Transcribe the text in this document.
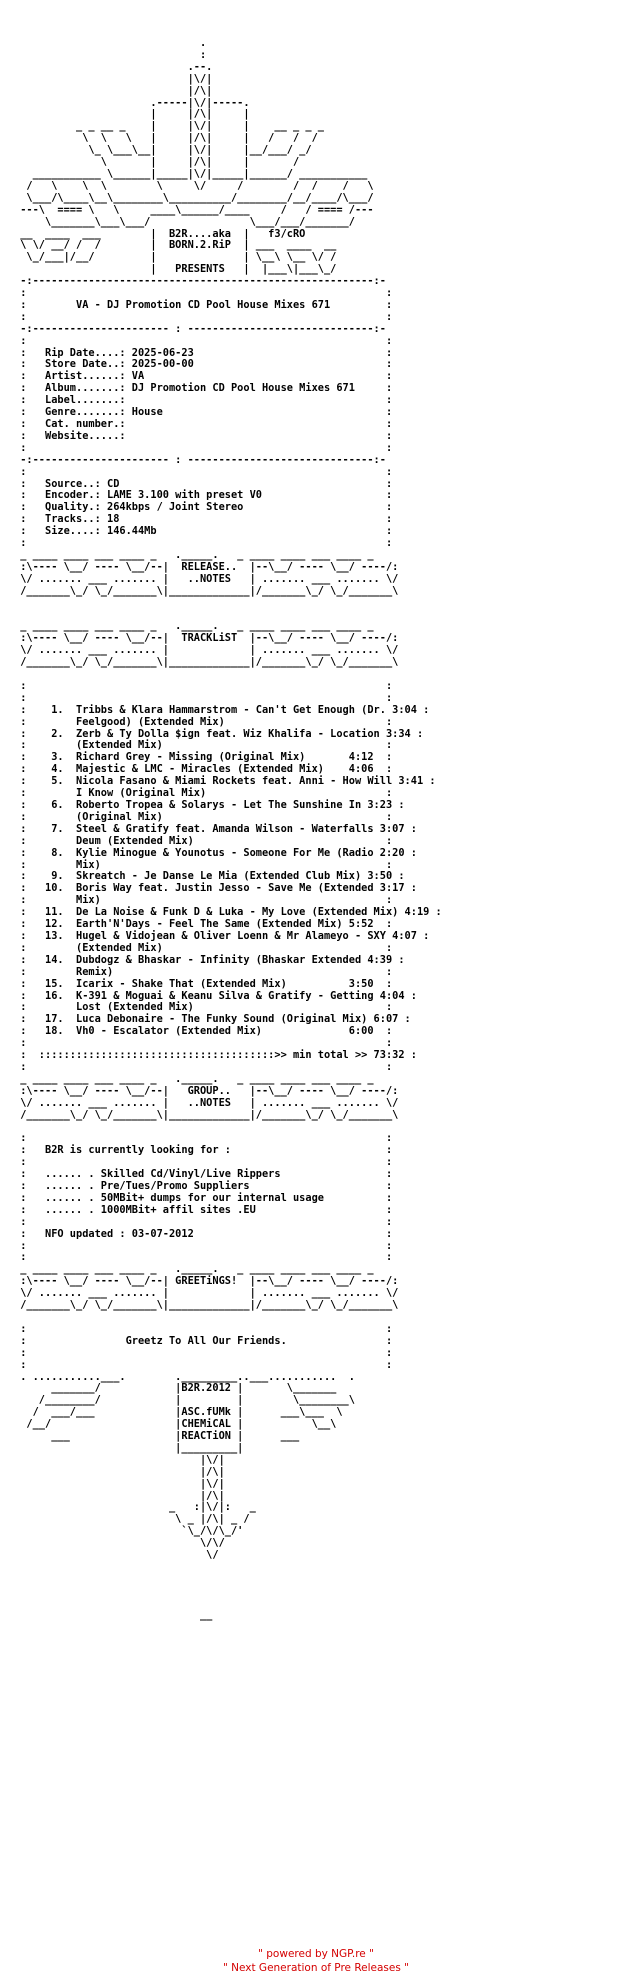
.
:
.--.
|\/|
|/\|
.-----|\/|-----.
|     |/\|     |
_ _ __ _    |     |\/|     |    __ _ _ _
\  \   \   |     |/\|     |   /   /  /
\_ \___\__|     |\/|     |__/___/ _/
\       |     |/\|     |       /
___________ \______|_____|\/|_____|______/ ___________
/   \    \  \        \     \/     /        /  /    /   \
\___/\____\__\________\__________/________/__/____/\___/
---\  ==== \   \     ____\______/____     /   / ==== /---
\_______\___\___/                \___/___/_______/
__  ____  ___        |  B2R....aka  |   f3/cRO
\ \/ __/ /  /        |  BORN.2.RiP  | ___  ____  __
\_/___|/__/         |              | \__\ \__ \/ /
|   PRESENTS   |  |___\|___\_/
-:-------------------------------------------------------:-
:                                                          :
:        VA - DJ Promotion CD Pool House Mixes 671         :
:                                                          :
-:---------------------- : ------------------------------:-
:                                                          :
:   Rip Date....: 2025-06-23                               :
:   Store Date..: 2025-00-00                               :
:   Artist......: VA                                       :
:   Album.......: DJ Promotion CD Pool House Mixes 671     :
:   Label.......:                                          :
:   Genre.......: House                                    :
:   Cat. number.:                                          :
:   Website.....:                                          :
:                                                          :
-:---------------------- : ------------------------------:-
:                                                          :
:   Source..: CD                                           :
:   Encoder.: LAME 3.100 with preset V0                    :
:   Quality.: 264kbps / Joint Stereo                       :
:   Tracks..: 18                                           :
:   Size....: 146.44Mb                                     :
:                                                          :
_ ____ ____ ___ ____ _   ._____.   _ ____ ____ ___ ____ _
:\---- \__/ ---- \__/--|  RELEASE..  |--\__/ ---- \__/ ----/:
\/ ....... ___ ....... |   ..NOTES   | ....... ___ ....... \/
/_______\_/ \_/_______\|_____________|/_______\_/ \_/_______\

_ ____ ____ ___ ____ _   ._____.   _ ____ ____ ___ ____ _
:\---- \__/ ---- \__/--|  TRACKLiST  |--\__/ ---- \__/ ----/:
\/ ....... ___ ....... |             | ....... ___ ....... \/
/_______\_/ \_/_______\|_____________|/_______\_/ \_/_______\

:                                                          :
:                                                          :
:    1.  Tribbs & Klara Hammarstrom - Can't Get Enough (Dr. 3:04 :
:        Feelgood) (Extended Mix)                          :
:    2.  Zerb & Ty Dolla $ign feat. Wiz Khalifa - Location 3:34 :
:        (Extended Mix)                                    :
:    3.  Richard Grey - Missing (Original Mix)       4:12  :
:    4.  Majestic & LMC - Miracles (Extended Mix)    4:06  :
:    5.  Nicola Fasano & Miami Rockets feat. Anni - How Will 3:41 :
:        I Know (Original Mix)                             :
:    6.  Roberto Tropea & Solarys - Let The Sunshine In 3:23 :
:        (Original Mix)                                    :
:    7.  Steel & Gratify feat. Amanda Wilson - Waterfalls 3:07 :
:        Deum (Extended Mix)                               :
:    8.  Kylie Minogue & Younotus - Someone For Me (Radio 2:20 :
:        Mix)                                              :
:    9.  Skreatch - Je Danse Le Mia (Extended Club Mix) 3:50 :
:   10.  Boris Way feat. Justin Jesso - Save Me (Extended 3:17 :
:        Mix)                                              :
:   11.  De La Noise & Funk D & Luka - My Love (Extended Mix) 4:19 :
:   12.  Earth'N'Days - Feel The Same (Extended Mix) 5:52  :
:   13.  Hugel & Vidojean & Oliver Loenn & Mr Alameyo - SXY 4:07 :
:        (Extended Mix)                                    :
:   14.  Dubdogz & Bhaskar - Infinity (Bhaskar Extended 4:39 :
:        Remix)                                            :
:   15.  Icarix - Shake That (Extended Mix)          3:50  :
:   16.  K-391 & Moguai & Keanu Silva & Gratify - Getting 4:04 :
:        Lost (Extended Mix)                               :
:   17.  Luca Debonaire - The Funky Sound (Original Mix) 6:07 :
:   18.  Vh0 - Escalator (Extended Mix)              6:00  :
:                                                          :
:  ::::::::::::::::::::::::::::::::::::::>> min total >> 73:32 :
:                                                          :
_ ____ ____ ___ ____ _   ._____.   _ ____ ____ ___ ____ _
:\---- \__/ ---- \__/--|   GROUP..   |--\__/ ---- \__/ ----/:
\/ ....... ___ ....... |   ..NOTES   | ....... ___ ....... \/
/_______\_/ \_/_______\|_____________|/_______\_/ \_/_______\

:                                                          :
:   B2R is currently looking for :                         :
:                                                          :
:   ...... . Skilled Cd/Vinyl/Live Rippers                 :
:   ...... . Pre/Tues/Promo Suppliers                      :
:   ...... . 50MBit+ dumps for our internal usage          :
:   ...... . 1000MBit+ affil sites .EU                     :
:                                                          :
:   NFO updated : 03-07-2012                               :
:                                                          :
:                                                          :
_ ____ ____ ___ ____ _   ._____.   _ ____ ____ ___ ____ _
:\---- \__/ ---- \__/--| GREETiNGS!  |--\__/ ---- \__/ ----/:
\/ ....... ___ ....... |             | ....... ___ ....... \/
/_______\_/ \_/_______\|_____________|/_______\_/ \_/_______\

:                                                          :
:                Greetz To All Our Friends.                :
:                                                          :
:                                                          :
. ...........___.        ._________..___...........  .
_______/            |B2R.2012 |       \_______
/________/            |         |        \________\
/  ___/___             |ASC.fUMk |      ___\___  \
/__/                    |CHEMiCAL |           \__\
___                 |REACTiON |      ___
|_________|
|\/|
|/\|
|\/|
|/\|
_   :|\/|:   _
\ _ |/\| _ /
`\_/\/\_/'
\/\/
\/

__
" powered by NGP.re "
" Next Generation of Pre Releases "
